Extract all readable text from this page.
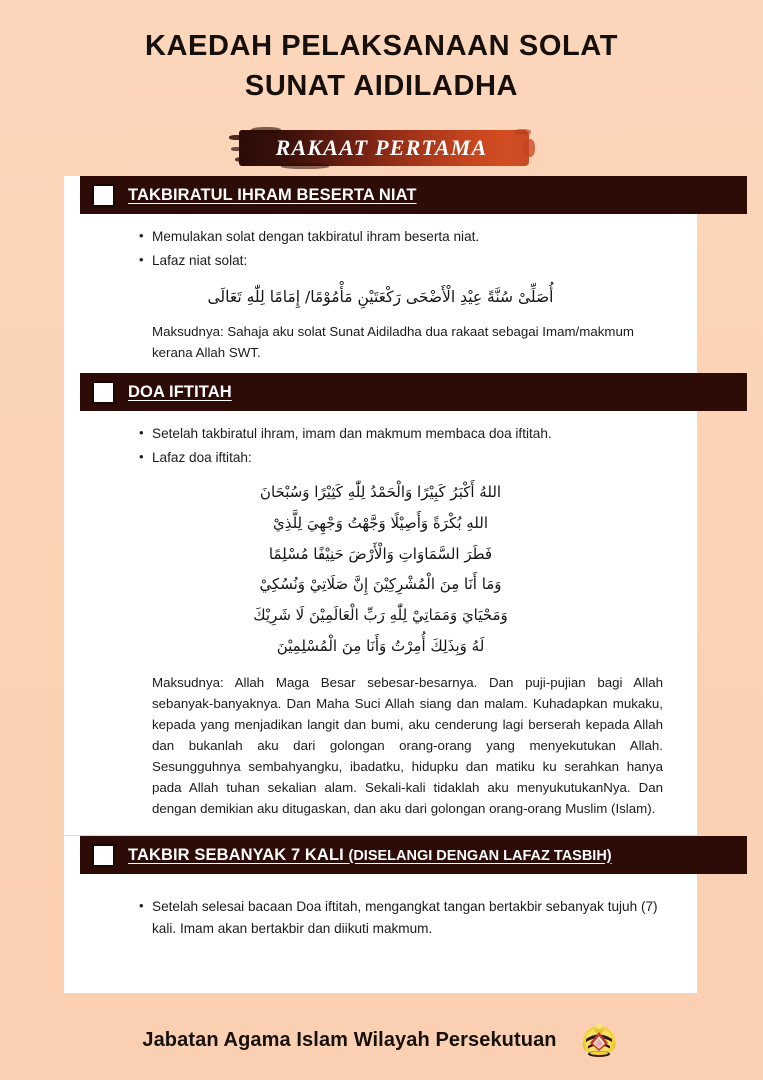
KAEDAH PELAKSANAAN SOLAT
SUNAT AIDILADHA
RAKAAT PERTAMA
TAKBIRATUL IHRAM BESERTA NIAT
• Memulakan solat dengan takbiratul ihram beserta niat.
• Lafaz niat solat:
أُصَلِّىْ سُنَّةً عِيْدِ الْأَضْحَى رَكْعَتَيْنِ مَأْمُوْمًا/ إِمَامًا لِلّٰهِ تَعَالَى
Maksudnya: Sahaja aku solat Sunat Aidiladha dua rakaat sebagai Imam/makmum kerana Allah SWT.
DOA IFTITAH
• Setelah takbiratul ihram, imam dan makmum membaca doa iftitah.
• Lafaz doa iftitah:
اللهُ أَكْبَرُ كَبِيْرًا وَالْحَمْدُ لِلّٰهِ كَثِيْرًا وَسُبْحَانَ
اللهِ بُكْرَةً وَأَصِيْلًا وَجَّهْتُ وَجْهِيَ لِلَّذِيْ
فَطَرَ السَّمَاوَاتِ وَالْأَرْضَ حَنِيْفًا مُسْلِمًا
وَمَا أَنَا مِنَ الْمُشْرِكِيْنَ إِنَّ صَلَاتِيْ وَنُسُكِيْ
وَمَحْيَايَ وَمَمَاتِيْ لِلّٰهِ رَبِّ الْعَالَمِيْنَ لَا شَرِيْكَ
لَهُ وَبِذَلِكَ أُمِرْتُ وَأَنَا مِنَ الْمُسْلِمِيْنَ
Maksudnya: Allah Maga Besar sebesar-besarnya. Dan puji-pujian bagi Allah sebanyak-banyaknya. Dan Maha Suci Allah siang dan malam. Kuhadapkan mukaku, kepada yang menjadikan langit dan bumi, aku cenderung lagi berserah kepada Allah dan bukanlah aku dari golongan orang-orang yang menyekutukan Allah. Sesungguhnya sembahyangku, ibadatku, hidupku dan matiku ku serahkan hanya pada Allah tuhan sekalian alam. Sekali-kali tidaklah aku menyukutukanNya. Dan dengan demikian aku ditugaskan, dan aku dari golongan orang-orang Muslim (Islam).
TAKBIR SEBANYAK 7 KALI (DISELANGI DENGAN LAFAZ TASBIH)
• Setelah selesai bacaan Doa iftitah, mengangkat tangan bertakbir sebanyak tujuh (7) kali. Imam akan bertakbir dan diikuti makmum.
Jabatan Agama Islam Wilayah Persekutuan
